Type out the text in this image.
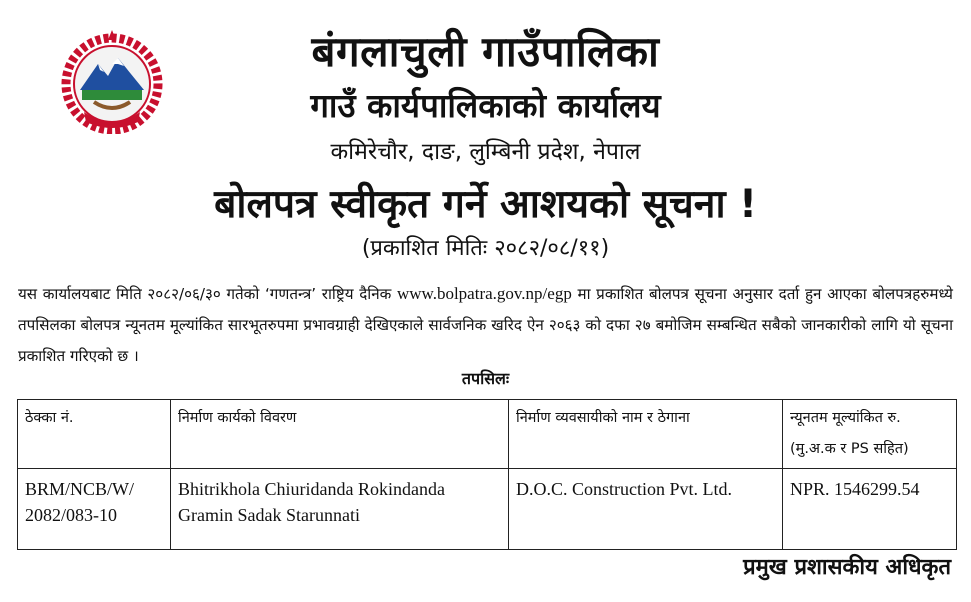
बंगलाचुली गाउँपालिका
गाउँ कार्यपालिकाको कार्यालय
कमिरेचौर, दाङ, लुम्बिनी प्रदेश, नेपाल
बोलपत्र स्वीकृत गर्ने आशयको सूचना !
(प्रकाशित मितिः २०८२/०८/११)

यस कार्यालयबाट मिति २०८२/०६/३० गतेको ‘गणतन्त्र’ राष्ट्रिय दैनिक www.bolpatra.gov.np/egp मा प्रकाशित बोलपत्र सूचना अनुसार दर्ता हुन आएका बोलपत्रहरुमध्ये तपसिलका बोलपत्र न्यूनतम मूल्यांकित सारभूतरुपमा प्रभावग्राही देखिएकाले सार्वजनिक खरिद ऐन २०६३ को दफा २७ बमोजिम सम्बन्धित सबैको जानकारीको लागि यो सूचना प्रकाशित गरिएको छ ।

तपसिलः
ठेक्का नं.	निर्माण कार्यको विवरण	निर्माण व्यवसायीको नाम र ठेगाना	न्यूनतम मूल्यांकित रु. (मु.अ.क र PS सहित)
BRM/NCB/W/ 2082/083-10	Bhitrikhola Chiuridanda Rokindanda Gramin Sadak Starunnati	D.O.C. Construction Pvt. Ltd.	NPR. 1546299.54
प्रमुख प्रशासकीय अधिकृत
